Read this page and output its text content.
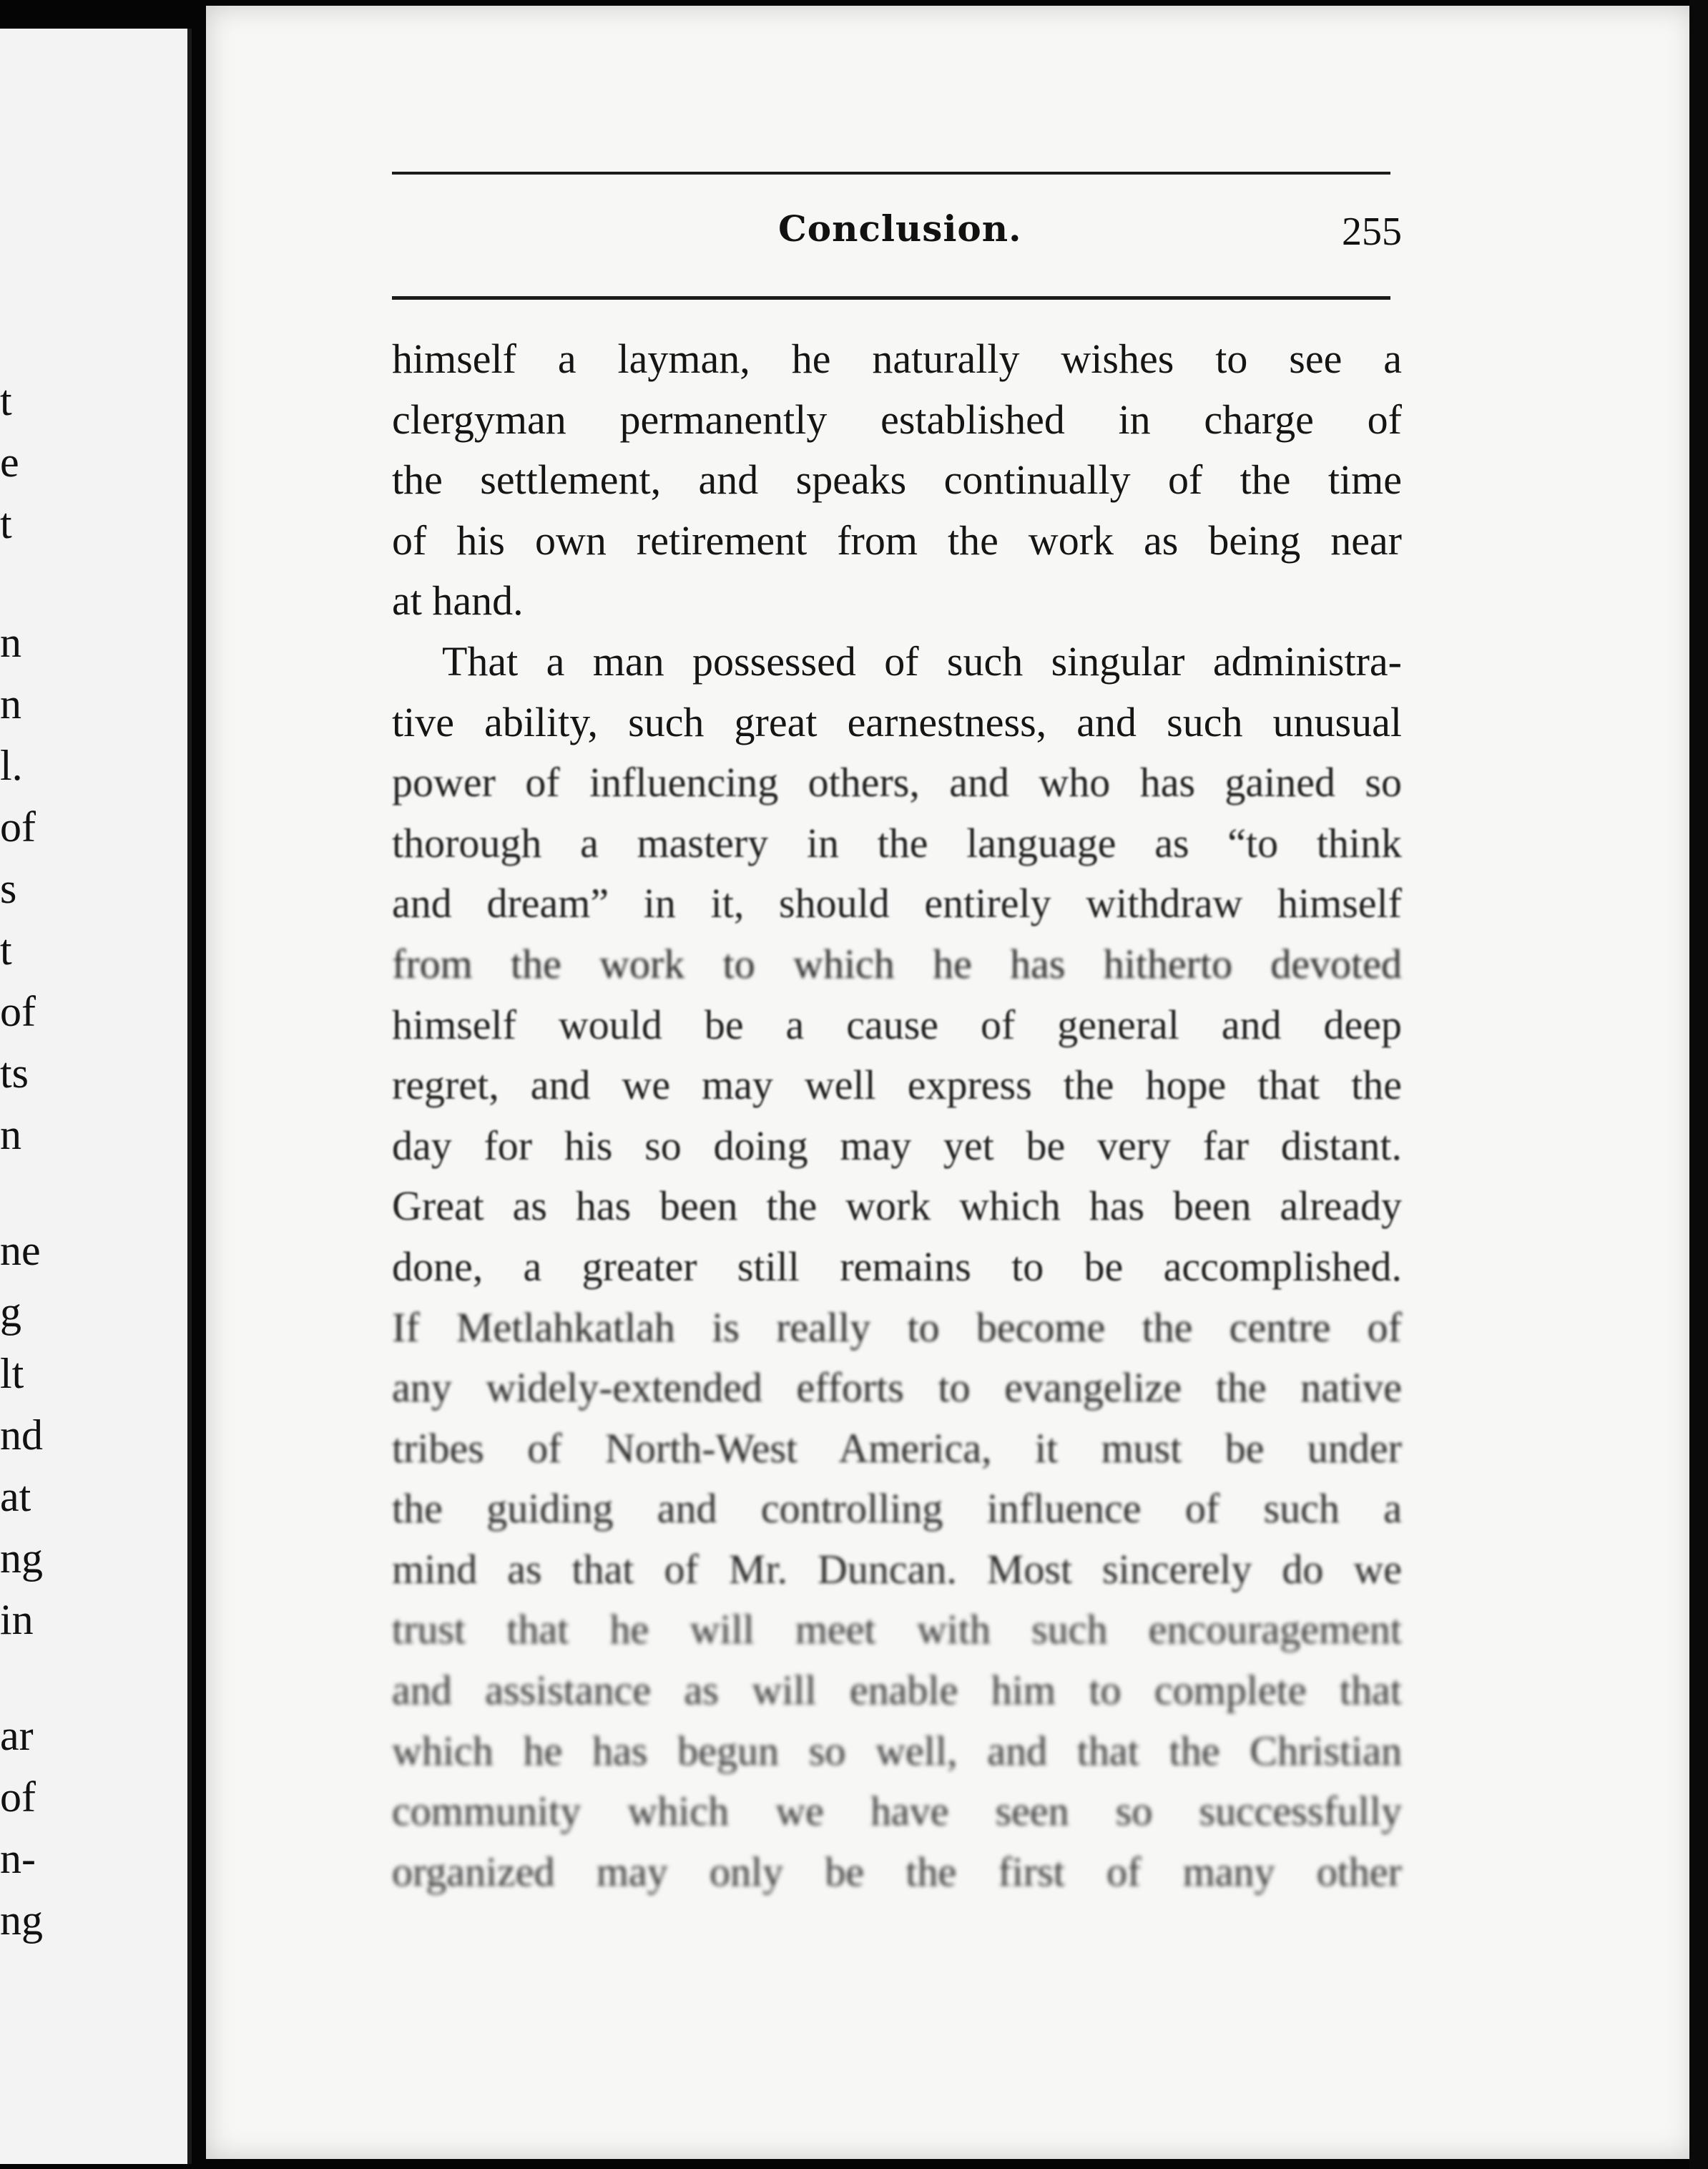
t
e
t
n
n
l.
of
s
t
of
ts
n
ne
g
lt
nd
at
ng
in
ar
of
n-
ng
Conclusion.	255
himself a layman, he naturally wishes to see a
clergyman permanently established in charge of
the settlement, and speaks continually of the time
of his own retirement from the work as being near
at hand.
That a man possessed of such singular administra-
tive ability, such great earnestness, and such unusual
power of influencing others, and who has gained so
thorough a mastery in the language as “to think
and dream” in it, should entirely withdraw himself
from the work to which he has hitherto devoted
himself would be a cause of general and deep
regret, and we may well express the hope that the
day for his so doing may yet be very far distant.
Great as has been the work which has been already
done, a greater still remains to be accomplished.
If Metlahkatlah is really to become the centre of
any widely-extended efforts to evangelize the native
tribes of North-West America, it must be under
the guiding and controlling influence of such a
mind as that of Mr. Duncan. Most sincerely do we
trust that he will meet with such encouragement
and assistance as will enable him to complete that
which he has begun so well, and that the Christian
community which we have seen so successfully
organized may only be the first of many other
